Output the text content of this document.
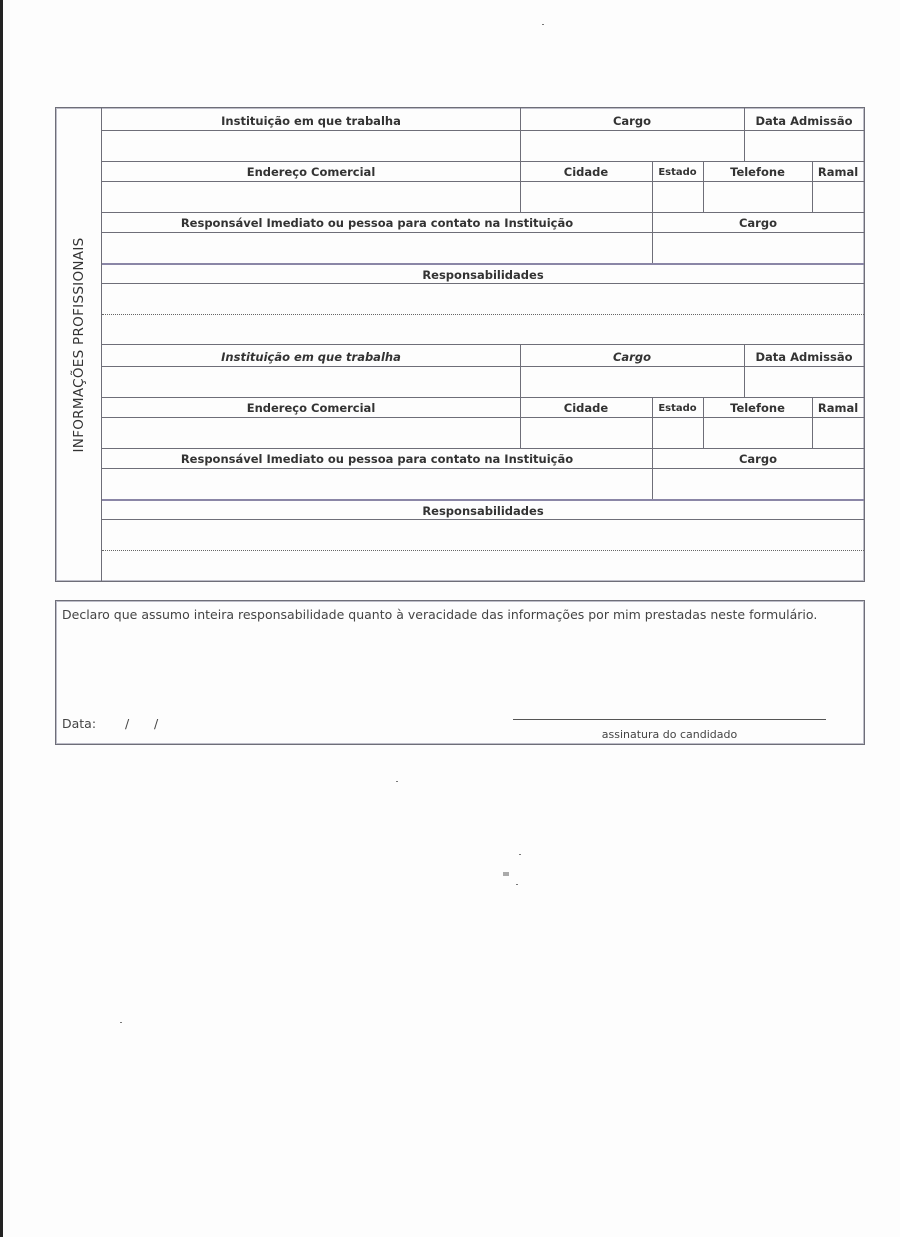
INFORMAÇÕES PROFISSIONAIS
Instituição em que trabalha	Cargo	Data Admissão
Endereço Comercial	Cidade	Estado	Telefone	Ramal
Responsável Imediato ou pessoa para contato na Instituição	Cargo
Responsabilidades
Instituição em que trabalha	Cargo	Data Admissão
Endereço Comercial	Cidade	Estado	Telefone	Ramal
Responsável Imediato ou pessoa para contato na Instituição	Cargo
Responsabilidades
Declaro que assumo inteira responsabilidade quanto à veracidade das informações por mim prestadas neste formulário.
Data: / /
assinatura do candidado
